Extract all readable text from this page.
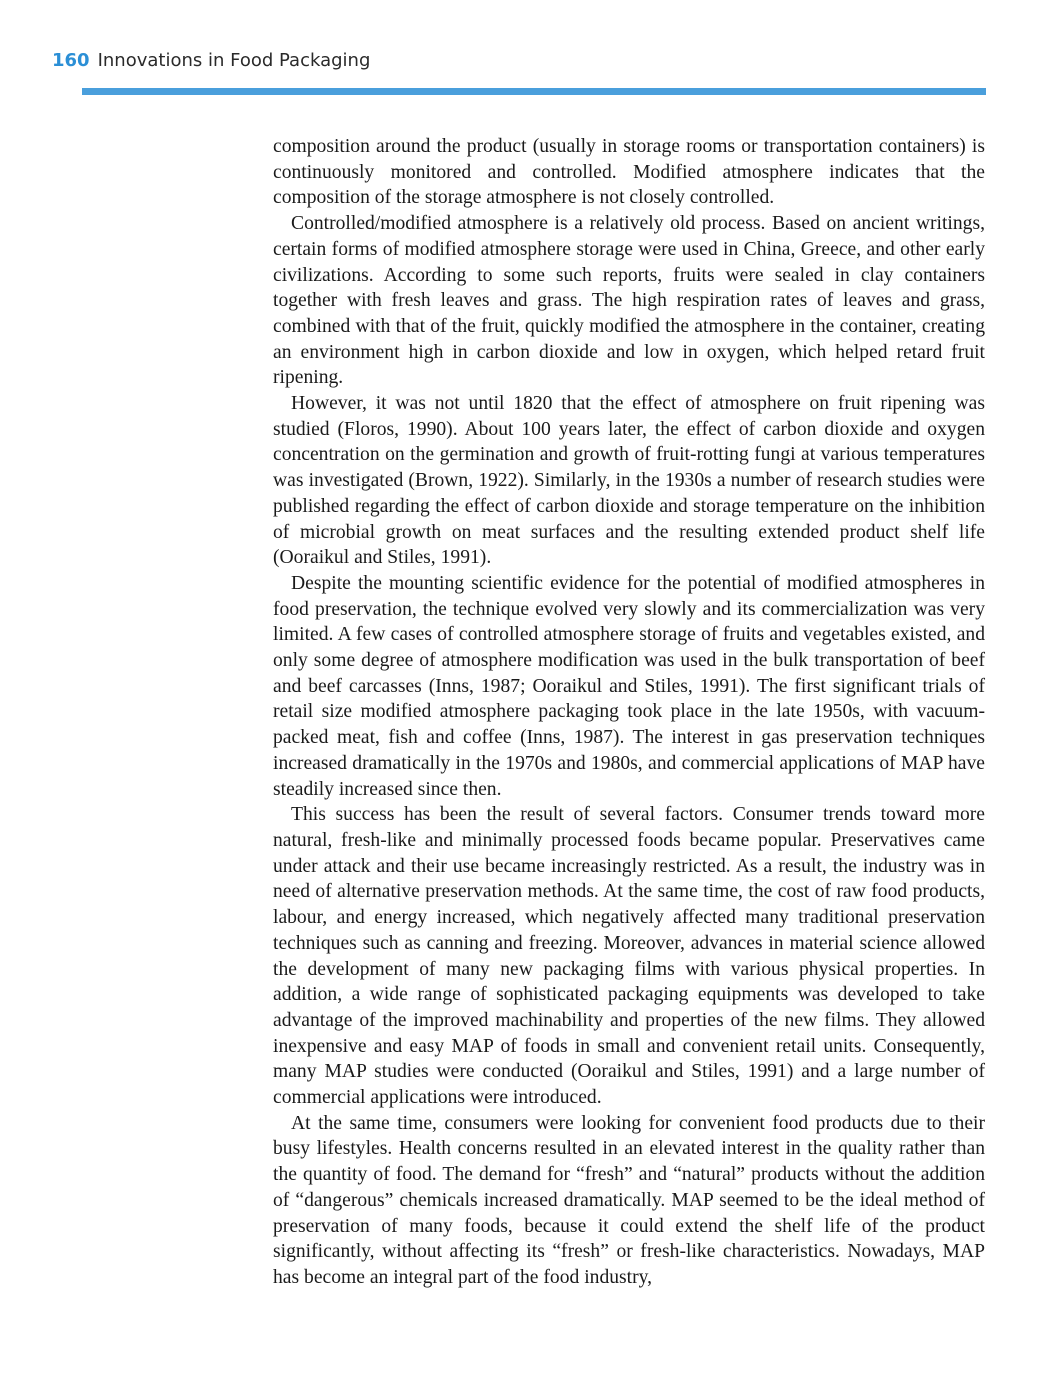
160 Innovations in Food Packaging

composition around the product (usually in storage rooms or transportation containers) is continuously monitored and controlled. Modified atmosphere indicates that the composition of the storage atmosphere is not closely controlled.

Controlled/modified atmosphere is a relatively old process. Based on ancient writings, certain forms of modified atmosphere storage were used in China, Greece, and other early civilizations. According to some such reports, fruits were sealed in clay containers together with fresh leaves and grass. The high respiration rates of leaves and grass, combined with that of the fruit, quickly modified the atmosphere in the container, creating an environment high in carbon dioxide and low in oxygen, which helped retard fruit ripening.

However, it was not until 1820 that the effect of atmosphere on fruit ripening was studied (Floros, 1990). About 100 years later, the effect of carbon dioxide and oxygen concentration on the germination and growth of fruit-rotting fungi at various temperatures was investigated (Brown, 1922). Similarly, in the 1930s a number of research studies were published regarding the effect of carbon dioxide and storage temperature on the inhibition of microbial growth on meat surfaces and the resulting extended product shelf life (Ooraikul and Stiles, 1991).

Despite the mounting scientific evidence for the potential of modified atmospheres in food preservation, the technique evolved very slowly and its commercialization was very limited. A few cases of controlled atmosphere storage of fruits and vegetables existed, and only some degree of atmosphere modification was used in the bulk transportation of beef and beef carcasses (Inns, 1987; Ooraikul and Stiles, 1991). The first significant trials of retail size modified atmosphere packaging took place in the late 1950s, with vacuum-packed meat, fish and coffee (Inns, 1987). The interest in gas preservation techniques increased dramatically in the 1970s and 1980s, and commercial applications of MAP have steadily increased since then.

This success has been the result of several factors. Consumer trends toward more natural, fresh-like and minimally processed foods became popular. Preservatives came under attack and their use became increasingly restricted. As a result, the industry was in need of alternative preservation methods. At the same time, the cost of raw food products, labour, and energy increased, which negatively affected many traditional preservation techniques such as canning and freezing. Moreover, advances in material science allowed the development of many new packaging films with various physical properties. In addition, a wide range of sophisticated packaging equipments was developed to take advantage of the improved machinability and properties of the new films. They allowed inexpensive and easy MAP of foods in small and convenient retail units. Consequently, many MAP studies were conducted (Ooraikul and Stiles, 1991) and a large number of commercial applications were introduced.

At the same time, consumers were looking for convenient food products due to their busy lifestyles. Health concerns resulted in an elevated interest in the quality rather than the quantity of food. The demand for “fresh” and “natural” products without the addition of “dangerous” chemicals increased dramatically. MAP seemed to be the ideal method of preservation of many foods, because it could extend the shelf life of the product significantly, without affecting its “fresh” or fresh-like characteristics. Nowadays, MAP has become an integral part of the food industry,
